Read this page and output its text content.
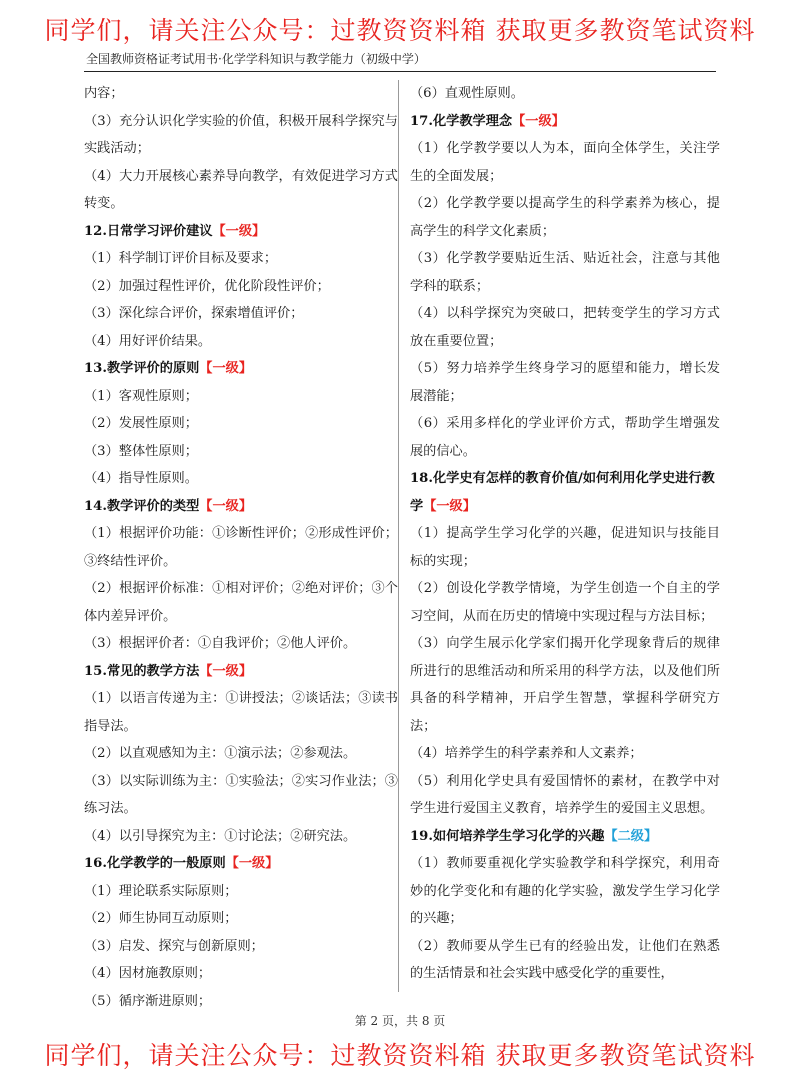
同学们，请关注公众号：过教资资料箱 获取更多教资笔试资料
全国教师资格证考试用书·化学学科知识与教学能力（初级中学）
内容；
（3）充分认识化学实验的价值，积极开展科学探究与实践活动；
（4）大力开展核心素养导向教学，有效促进学习方式转变。
12.日常学习评价建议【一级】
（1）科学制订评价目标及要求；
（2）加强过程性评价，优化阶段性评价；
（3）深化综合评价，探索增值评价；
（4）用好评价结果。
13.教学评价的原则【一级】
（1）客观性原则；
（2）发展性原则；
（3）整体性原则；
（4）指导性原则。
14.教学评价的类型【一级】
（1）根据评价功能：①诊断性评价；②形成性评价；③终结性评价。
（2）根据评价标准：①相对评价；②绝对评价；③个体内差异评价。
（3）根据评价者：①自我评价；②他人评价。
15.常见的教学方法【一级】
（1）以语言传递为主：①讲授法；②谈话法；③读书指导法。
（2）以直观感知为主：①演示法；②参观法。
（3）以实际训练为主：①实验法；②实习作业法；③练习法。
（4）以引导探究为主：①讨论法；②研究法。
16.化学教学的一般原则【一级】
（1）理论联系实际原则；
（2）师生协同互动原则；
（3）启发、探究与创新原则；
（4）因材施教原则；
（5）循序渐进原则；
（6）直观性原则。
17.化学教学理念【一级】
（1）化学教学要以人为本，面向全体学生，关注学生的全面发展；
（2）化学教学要以提高学生的科学素养为核心，提高学生的科学文化素质；
（3）化学教学要贴近生活、贴近社会，注意与其他学科的联系；
（4）以科学探究为突破口，把转变学生的学习方式放在重要位置；
（5）努力培养学生终身学习的愿望和能力，增长发展潜能；
（6）采用多样化的学业评价方式，帮助学生增强发展的信心。
18.化学史有怎样的教育价值/如何利用化学史进行教学【一级】
（1）提高学生学习化学的兴趣，促进知识与技能目标的实现；
（2）创设化学教学情境，为学生创造一个自主的学习空间，从而在历史的情境中实现过程与方法目标；
（3）向学生展示化学家们揭开化学现象背后的规律所进行的思维活动和所采用的科学方法，以及他们所具备的科学精神，开启学生智慧，掌握科学研究方法；
（4）培养学生的科学素养和人文素养；
（5）利用化学史具有爱国情怀的素材，在教学中对学生进行爱国主义教育，培养学生的爱国主义思想。
19.如何培养学生学习化学的兴趣【二级】
（1）教师要重视化学实验教学和科学探究，利用奇妙的化学变化和有趣的化学实验，激发学生学习化学的兴趣；
（2）教师要从学生已有的经验出发，让他们在熟悉的生活情景和社会实践中感受化学的重要性，
第 2 页，共 8 页
同学们，请关注公众号：过教资资料箱 获取更多教资笔试资料
